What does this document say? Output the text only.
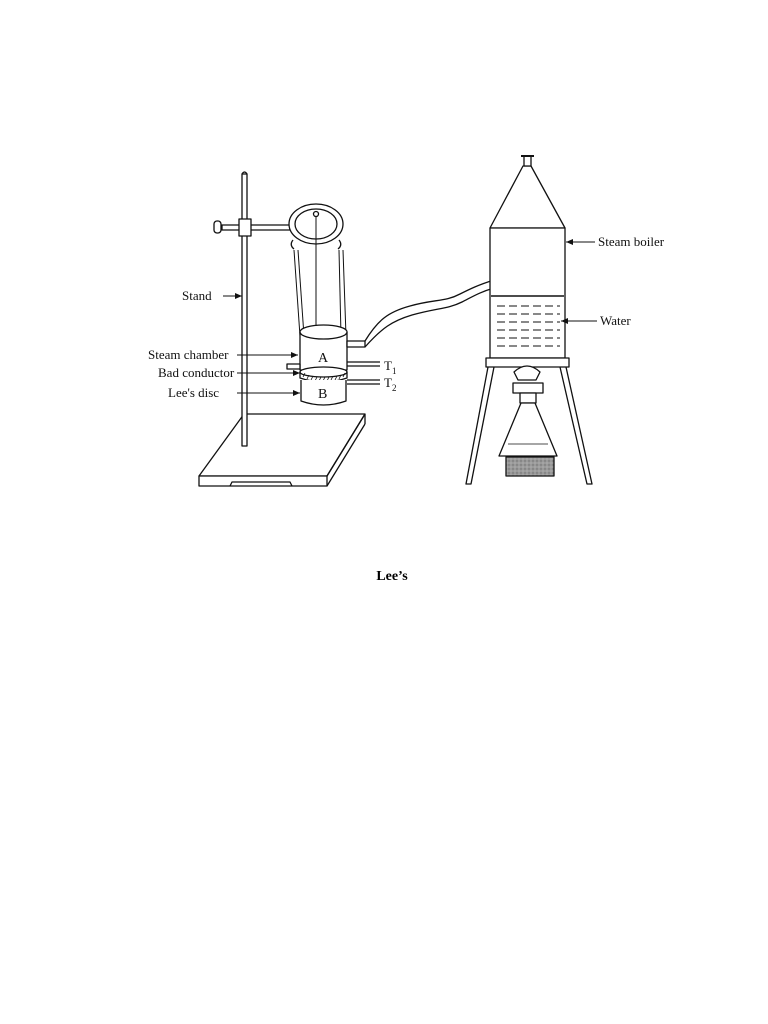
Stand
Steam chamber
Bad conductor
Lee's disc
A
B
T 1
T 2
Steam boiler
Water
Lee’s
